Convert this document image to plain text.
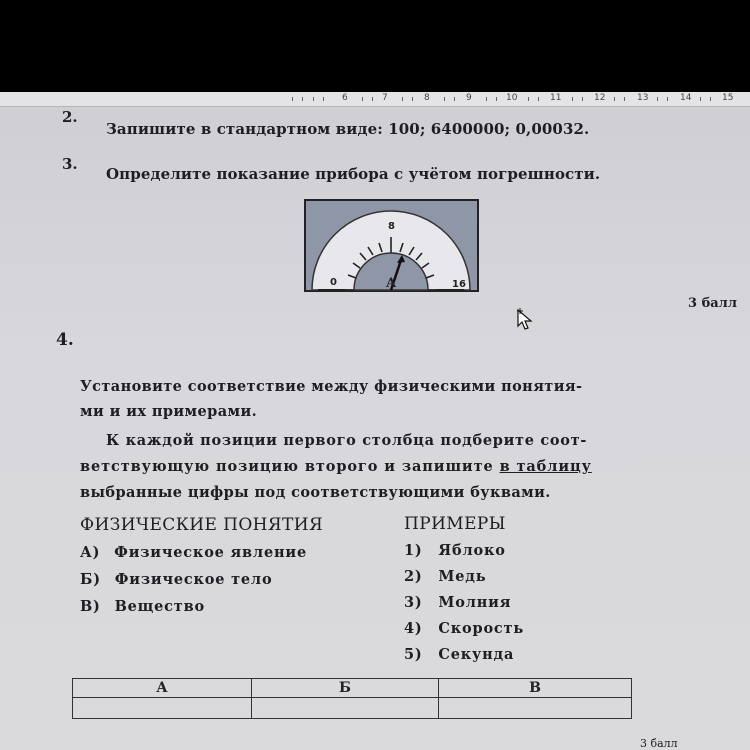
6	7	8	9	10	11	12	13	14	15
2.
Запишите в стандартном виде: 100; 6400000; 0,00032.
3.
Определите показание прибора с учётом погрешности.
0
8
16
A
3 балл
4.
Установите соответствие между физическими понятия-
ми и их примерами.
К каждой позиции первого столбца подберите соот-
ветствующую позицию второго и запишите в таблицу
выбранные цифры под соответствующими буквами.
ФИЗИЧЕСКИЕ ПОНЯТИЯ	ПРИМЕРЫ
А) Физическое явление
Б) Физическое тело
В) Вещество
1) Яблоко
2) Медь
3) Молния
4) Скорость
5) Секунда
А	Б	В

3 балл
